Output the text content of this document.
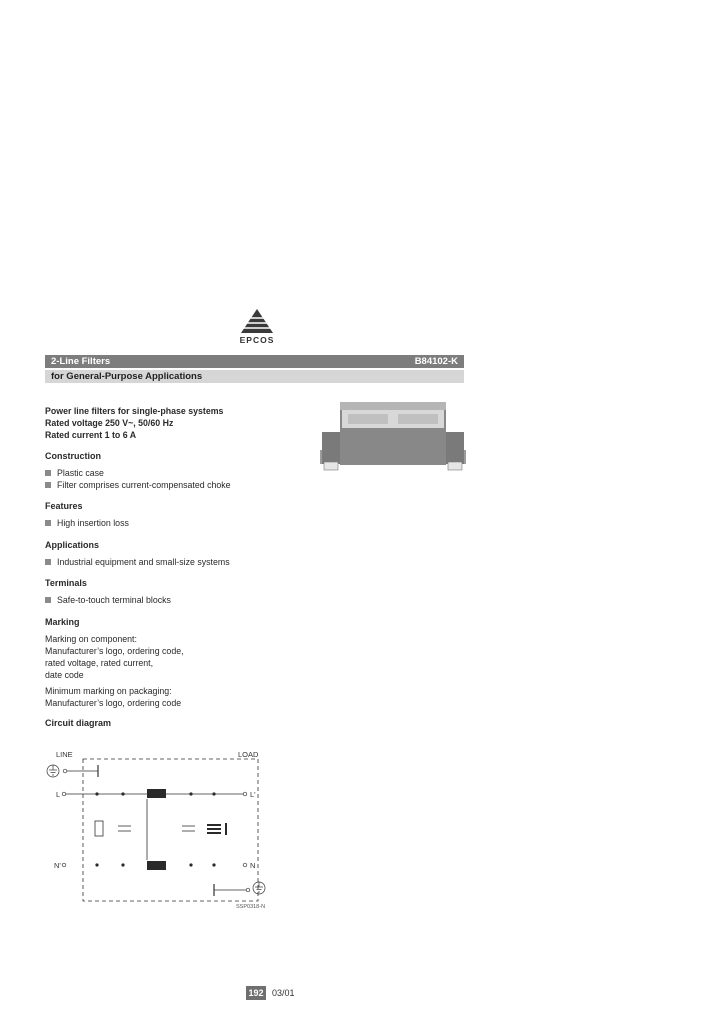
EPCOS
2-Line Filters	B84102-K
for General-Purpose Applications
Power line filters for single-phase systems
Rated voltage 250 V~, 50/60 Hz
Rated current 1 to 6 A
Construction
Plastic case
Filter comprises current-compensated choke
Features
High insertion loss
Applications
Industrial equipment and small-size systems
Terminals
Safe-to-touch terminal blocks
Marking
Marking on component:
Manufacturer’s logo, ordering code,
rated voltage, rated current,
date code
Minimum marking on packaging:
Manufacturer’s logo, ordering code
Circuit diagram
LINE	LOAD
L	L'
N'	N
SSP0318-N
192 03/01
